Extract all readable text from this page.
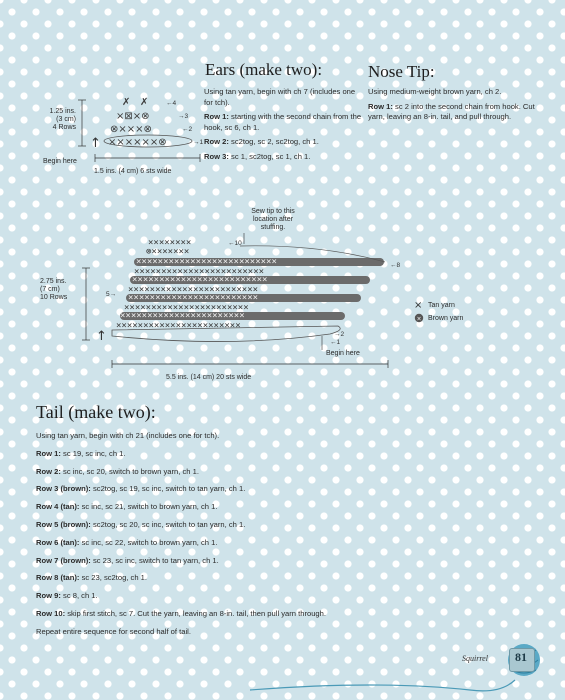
Ears (make two):
Using tan yarn, begin with ch 7 (includes one for tch).
Row 1: starting with the second chain from the hook, sc 6, ch 1.
Row 2: sc2tog, sc 2, sc2tog, ch 1.
Row 3: sc 1, sc2tog, sc 1, ch 1.
Nose Tip:
Using medium-weight brown yarn, ch 2.
Row 1: sc 2 into the second chain from hook. Cut yarn, leaving an 8-in. tail, and pull through.
✗ ✗
×⊠×⊗
⊗×××⊗
××××××⊗
←4
→3
←2
→1
↑
××××××××
⊗×××××××
××××××××××××××××××××××××××
××××××××××××××××××××××××
×××××××××××××××××××××××××
××××××××××××××××××××××××
××××××××××××××××××××××××
×××××××××××××××××××××××
×××××××××××××××××××××××
×××××××××××××××××××××××
←10
←8
5→
→2
←1
↑
×
×
1.25 ins.
(3 cm)
4 Rows
Begin here
1.5 ins. (4 cm) 6 sts wide
Sew tip to this
location after
stuffing.
2.75 ins.
(7 cm)
10 Rows
Begin here
5.5 ins. (14 cm) 20 sts wide
Tan yarn
Brown yarn
Tail (make two):
Using tan yarn, begin with ch 21 (includes one for tch).
Row 1: sc 19, sc inc, ch 1.
Row 2: sc inc, sc 20, switch to brown yarn, ch 1.
Row 3 (brown): sc2tog, sc 19, sc inc, switch to tan yarn, ch 1.
Row 4 (tan): sc inc, sc 21, switch to brown yarn, ch 1.
Row 5 (brown): sc2tog, sc 20, sc inc, switch to tan yarn, ch 1.
Row 6 (tan): sc inc, sc 22, switch to brown yarn, ch 1.
Row 7 (brown): sc 23, sc inc, switch to tan yarn, ch 1.
Row 8 (tan): sc 23, sc2tog, ch 1.
Row 9: sc 8, ch 1.
Row 10: skip first stitch, sc 7. Cut the yarn, leaving an 8-in. tail, then pull yarn through.
Repeat entire sequence for second half of tail.
Squirrel	81
